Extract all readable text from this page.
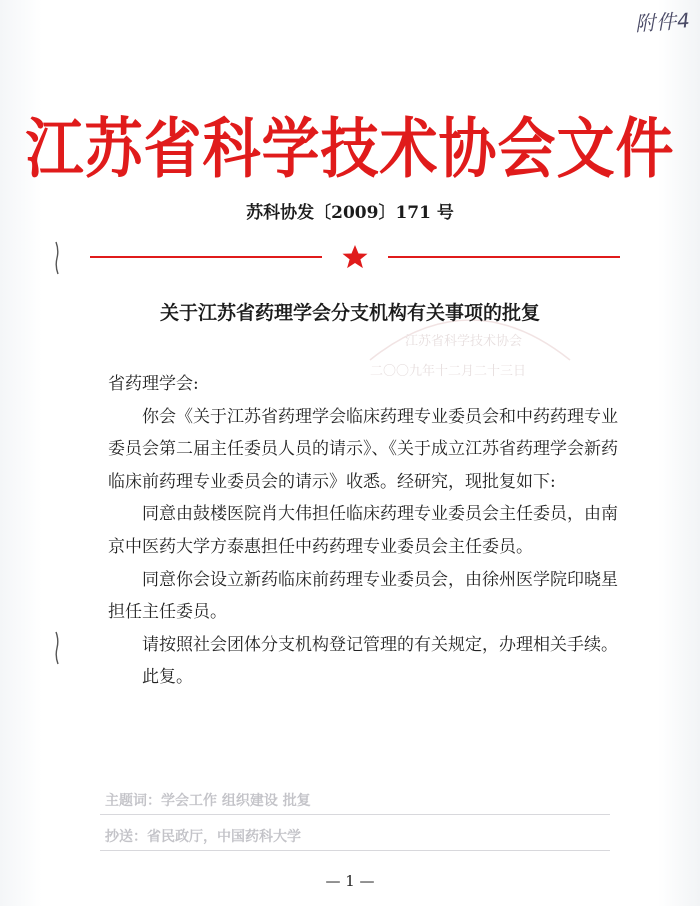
附件4
江苏省科学技术协会
二〇〇九年十二月二十三日
江苏省科学技术协会文件
苏科协发〔2009〕171 号
关于江苏省药理学会分支机构有关事项的批复

省药理学会:

你会《关于江苏省药理学会临床药理专业委员会和中药药理专业委员会第二届主任委员人员的请示》、《关于成立江苏省药理学会新药临床前药理专业委员会的请示》收悉。经研究，现批复如下:

同意由鼓楼医院肖大伟担任临床药理专业委员会主任委员，由南京中医药大学方泰惠担任中药药理专业委员会主任委员。

同意你会设立新药临床前药理专业委员会，由徐州医学院印晓星担任主任委员。

请按照社会团体分支机构登记管理的有关规定，办理相关手续。

此复。

主题词：学会工作 组织建设 批复
抄送：省民政厅，中国药科大学
— 1 —
